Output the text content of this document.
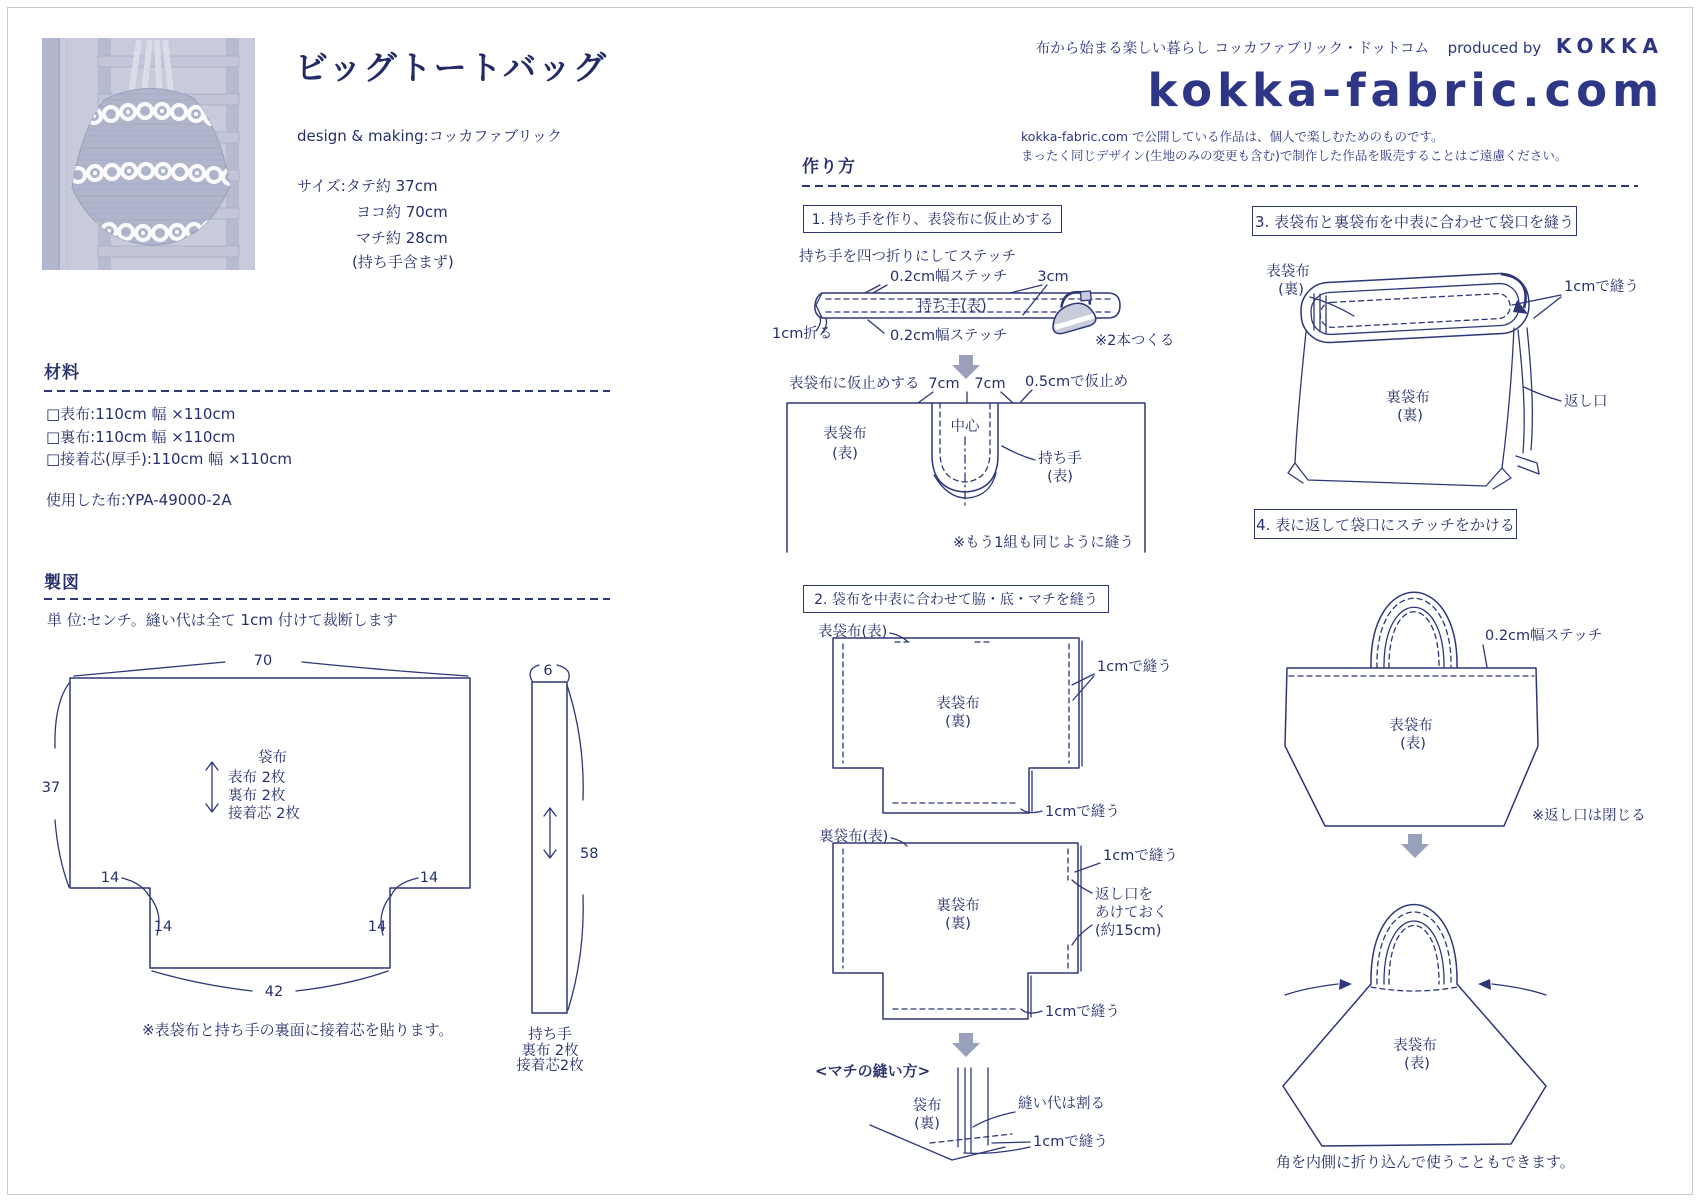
ビッグトートバッグ
design & making:コッカファブリック
サイズ:タテ約 37cm
ヨコ約 70cm
マチ約 28cm
(持ち手含まず)
布から始まる楽しい暮らし コッカファブリック・ドットコム produced by KOKKA
kokka-fabric.com
kokka-fabric.com で公開している作品は、個人で楽しむためのものです。
まったく同じデザイン(生地のみの変更も含む)で制作した作品を販売することはご遠慮ください。
材料
□表布:110cm 幅 ×110cm
□裏布:110cm 幅 ×110cm
□接着芯(厚手):110cm 幅 ×110cm
使用した布:YPA-49000-2A
製図
単 位:センチ。縫い代は全て 1cm 付けて裁断します
70
37
袋布
表布 2枚
裏布 2枚
接着芯 2枚
14	14
14	14
42
6
58
持ち手
裏布 2枚
接着芯2枚
※表袋布と持ち手の裏面に接着芯を貼ります。
作り方
1. 持ち手を作り、表袋布に仮止めする
2. 袋布を中表に合わせて脇・底・マチを縫う
3. 表袋布と裏袋布を中表に合わせて袋口を縫う
4. 表に返して袋口にステッチをかける
持ち手を四つ折りにしてステッチ
0.2cm幅ステッチ 3cm
持ち手(表)
1cm折る	0.2cm幅ステッチ	※2本つくる
表袋布に仮止めする 7cm 7cm 0.5cmで仮止め
表袋布
(表)
中心
持ち手
(表)
※もう1組も同じように縫う
表袋布(表)
1cmで縫う
表袋布
(裏)
1cmで縫う
裏袋布(表)
1cmで縫う
返し口を
あけておく
(約15cm)
裏袋布
(裏)
1cmで縫う
<マチの縫い方>
袋布
(裏)
縫い代は割る
1cmで縫う
表袋布
(裏)	1cmで縫う
裏袋布
(裏)
返し口
0.2cm幅ステッチ
表袋布
(表)
※返し口は閉じる
表袋布
(表)
角を内側に折り込んで使うこともできます。
